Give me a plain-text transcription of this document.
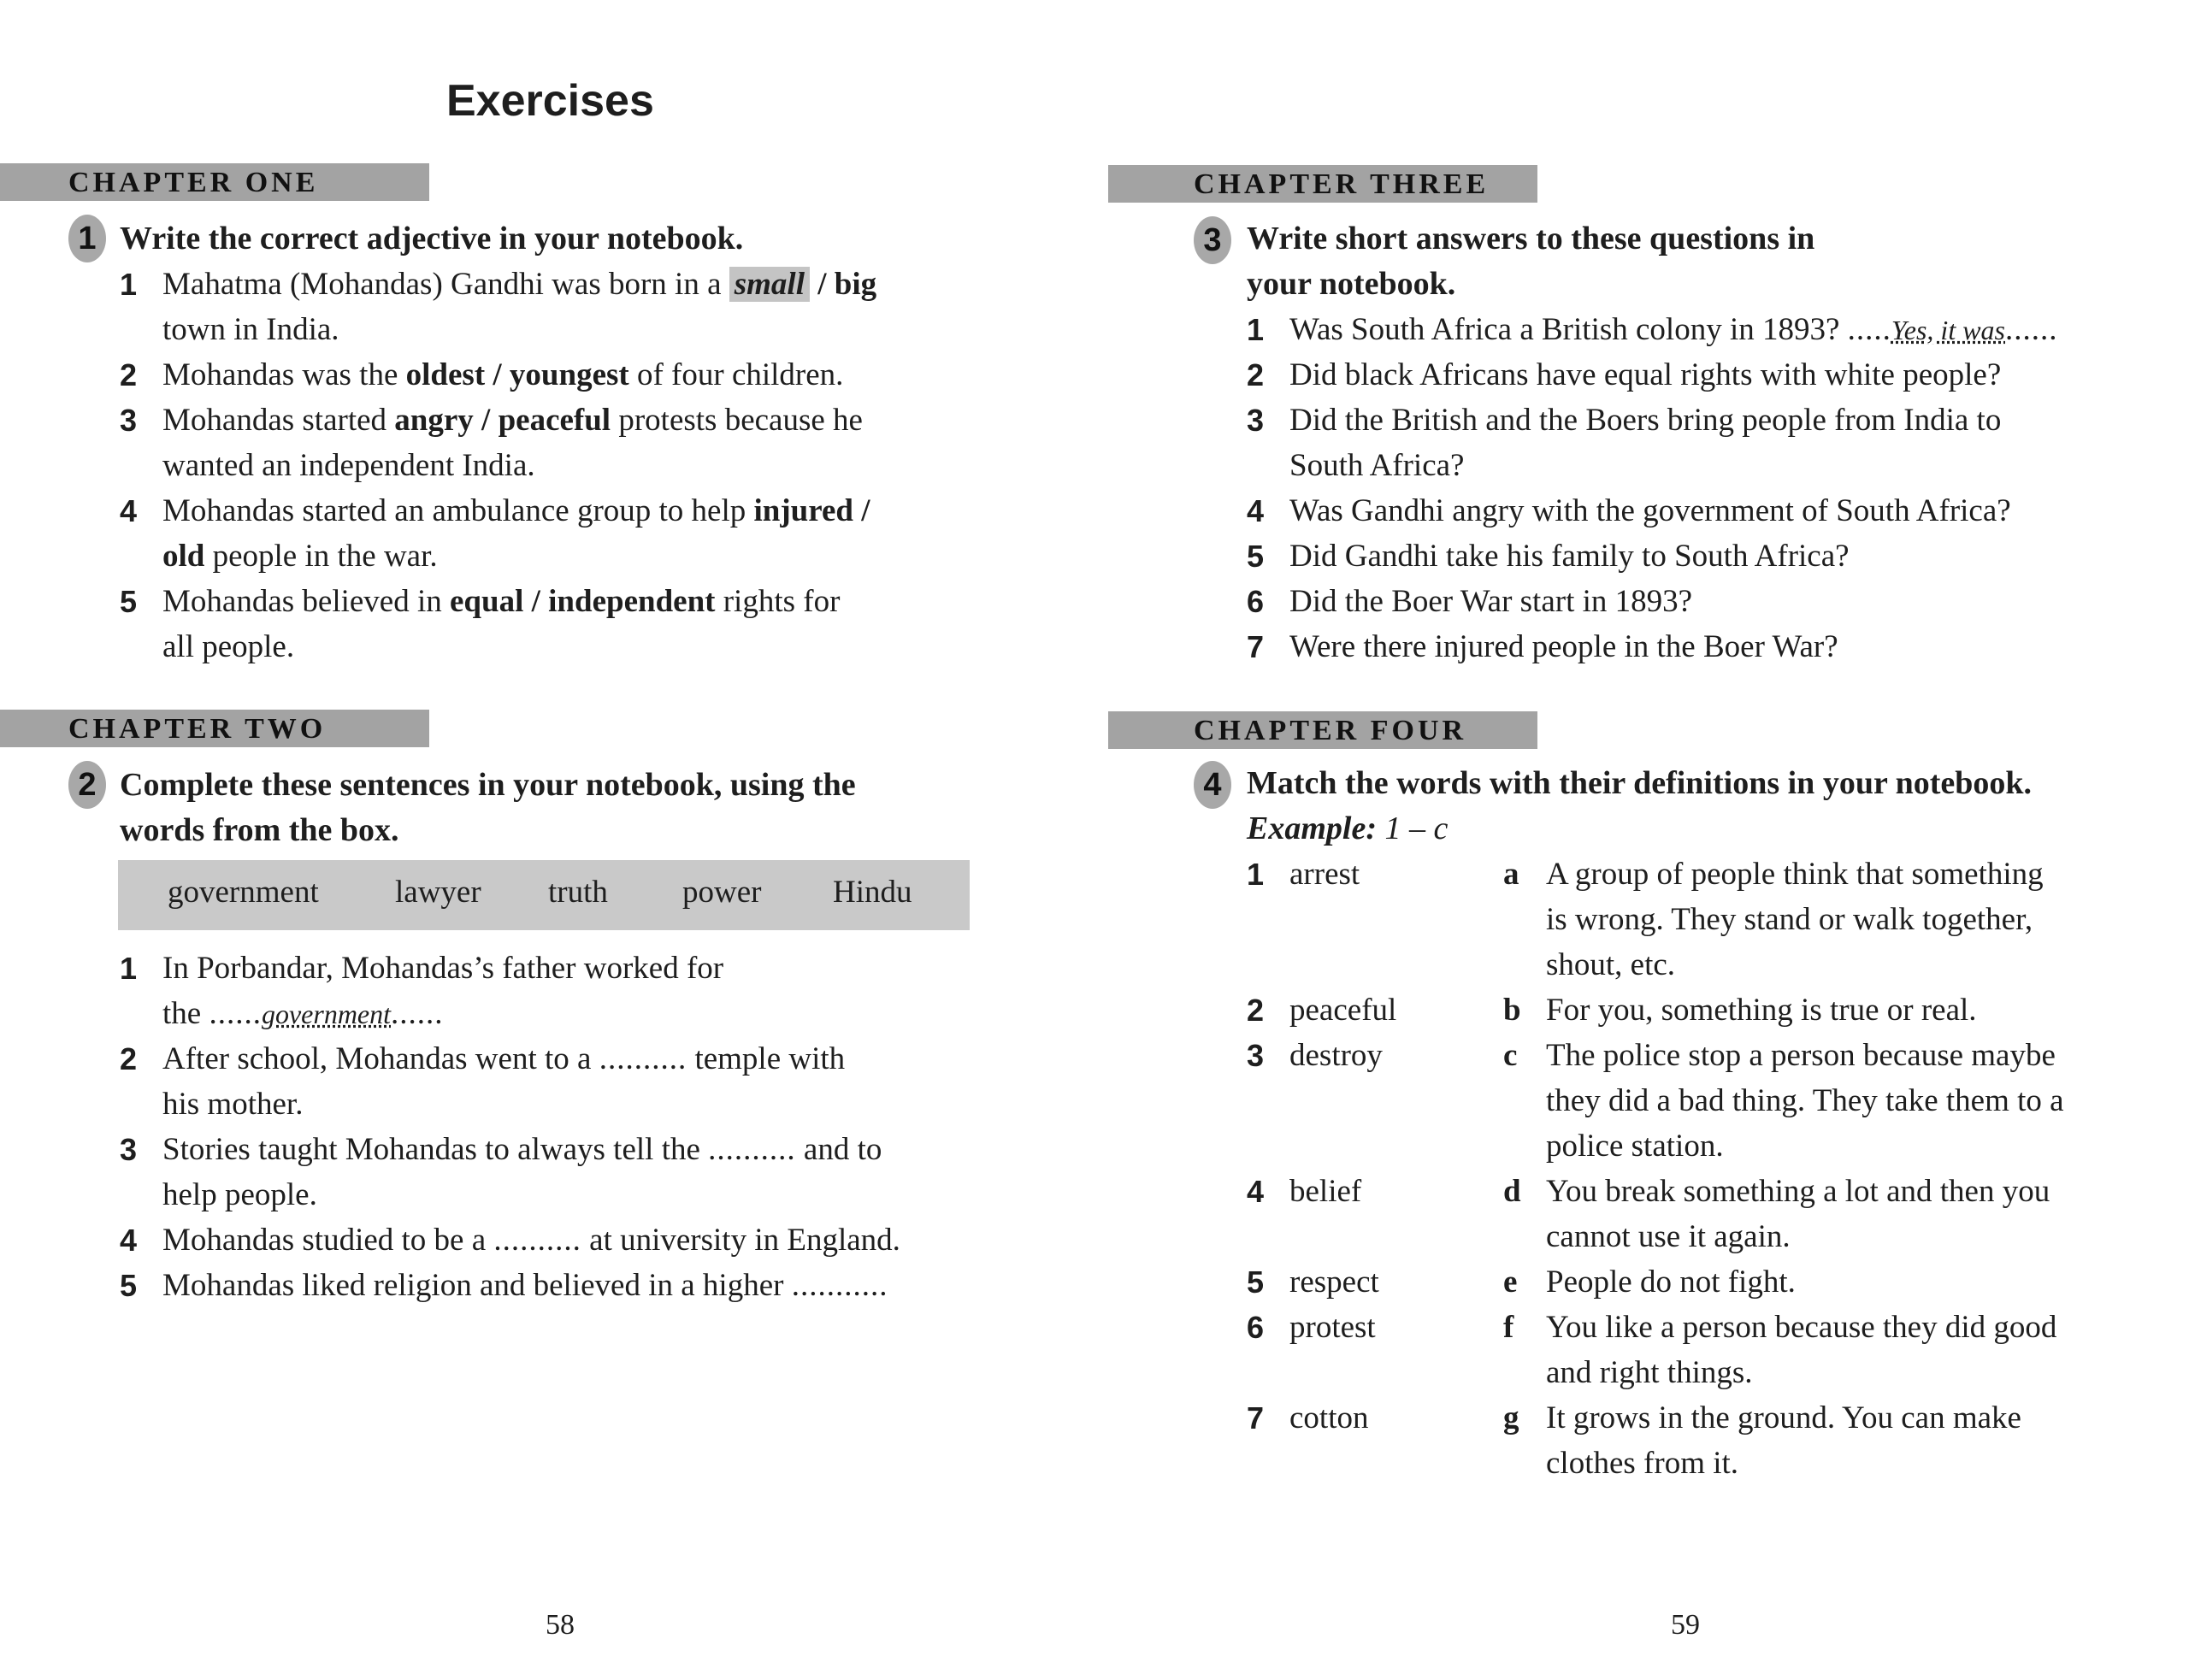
Exercises
CHAPTER ONE
1 Write the correct adjective in your notebook.
1 Mahatma (Mohandas) Gandhi was born in a small / big
town in India.
2 Mohandas was the oldest / youngest of four children.
3 Mohandas started angry / peaceful protests because he
wanted an independent India.
4 Mohandas started an ambulance group to help injured /
old people in the war.
5 Mohandas believed in equal / independent rights for
all people.
CHAPTER TWO
2 Complete these sentences in your notebook, using the
words from the box.
government lawyer truth power Hindu
1 In Porbandar, Mohandas’s father worked for
the ......government......
2 After school, Mohandas went to a .......... temple with
his mother.
3 Stories taught Mohandas to always tell the .......... and to
help people.
4 Mohandas studied to be a .......... at university in England.
5 Mohandas liked religion and believed in a higher ...........
58
CHAPTER THREE
3 Write short answers to these questions in
your notebook.
1 Was South Africa a British colony in 1893? .....Yes, it was......
2 Did black Africans have equal rights with white people?
3 Did the British and the Boers bring people from India to
South Africa?
4 Was Gandhi angry with the government of South Africa?
5 Did Gandhi take his family to South Africa?
6 Did the Boer War start in 1893?
7 Were there injured people in the Boer War?
CHAPTER FOUR
4 Match the words with their definitions in your notebook.
Example: 1 – c
1 arrest
2 peaceful
3 destroy
4 belief
5 respect
6 protest
7 cotton
a A group of people think that something
is wrong. They stand or walk together,
shout, etc.
b For you, something is true or real.
c The police stop a person because maybe
they did a bad thing. They take them to a
police station.
d You break something a lot and then you
cannot use it again.
e People do not fight.
f You like a person because they did good
and right things.
g It grows in the ground. You can make
clothes from it.
59
